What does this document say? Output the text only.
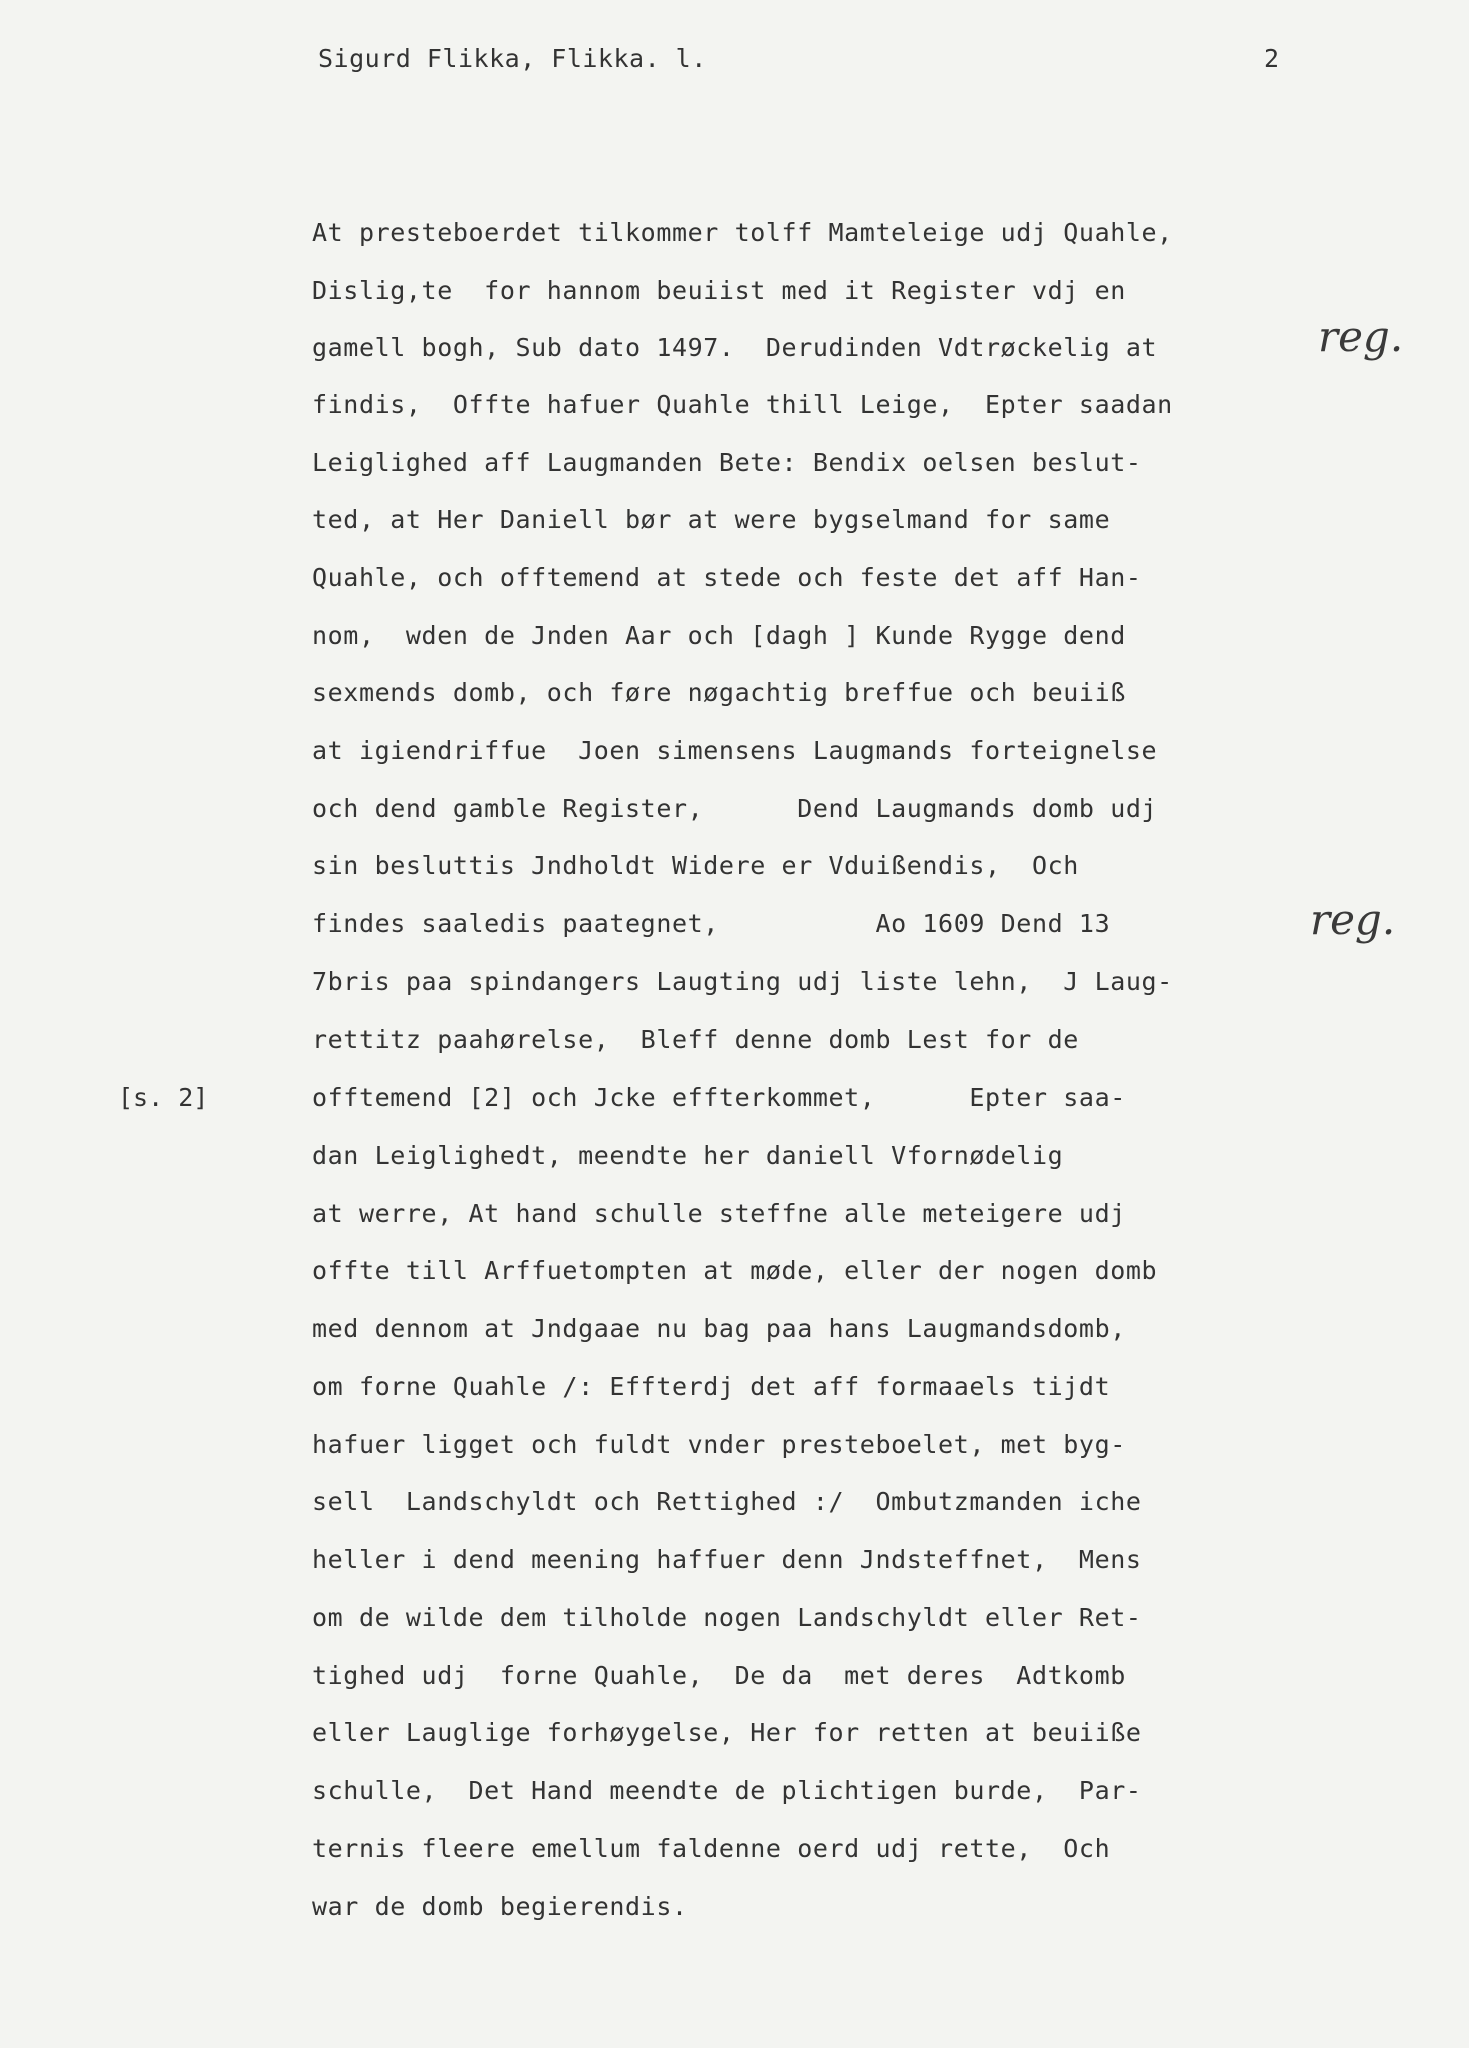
Sigurd Flikka, Flikka. l.	2
At presteboerdet tilkommer tolff Mamteleige udj Quahle,
Dislig,te  for hannom beuiist med it Register vdj en
gamell bogh, Sub dato 1497.  Derudinden Vdtrøckelig at
findis,  Offte hafuer Quahle thill Leige,  Epter saadan
Leiglighed aff Laugmanden Bete: Bendix oelsen beslut-
ted, at Her Daniell bør at were bygselmand for same
Quahle, och offtemend at stede och feste det aff Han-
nom,  wden de Jnden Aar och [dagh ] Kunde Rygge dend
sexmends domb, och føre nøgachtig breffue och beuiiß
at igiendriffue  Joen simensens Laugmands forteignelse
och dend gamble Register,      Dend Laugmands domb udj
sin besluttis Jndholdt Widere er Vduißendis,  Och
findes saaledis paategnet,          Ao 1609 Dend 13
7bris paa spindangers Laugting udj liste lehn,  J Laug-
rettitz paahørelse,  Bleff denne domb Lest for de
offtemend [2] och Jcke effterkommet,      Epter saa-
dan Leiglighedt, meendte her daniell Vfornødelig
at werre, At hand schulle steffne alle meteigere udj
offte till Arffuetompten at møde, eller der nogen domb
med dennom at Jndgaae nu bag paa hans Laugmandsdomb,
om forne Quahle /: Effterdj det aff formaaels tijdt
hafuer ligget och fuldt vnder presteboelet, met byg-
sell  Landschyldt och Rettighed :/  Ombutzmanden iche
heller i dend meening haffuer denn Jndsteffnet,  Mens
om de wilde dem tilholde nogen Landschyldt eller Ret-
tighed udj  forne Quahle,  De da  met deres  Adtkomb
eller Lauglige forhøygelse, Her for retten at beuiißе
schulle,  Det Hand meendte de plichtigen burde,  Par-
ternis fleere emellum faldenne oerd udj rette,  Och
war de domb begierendis.
[s. 2]
reg.
reg.
